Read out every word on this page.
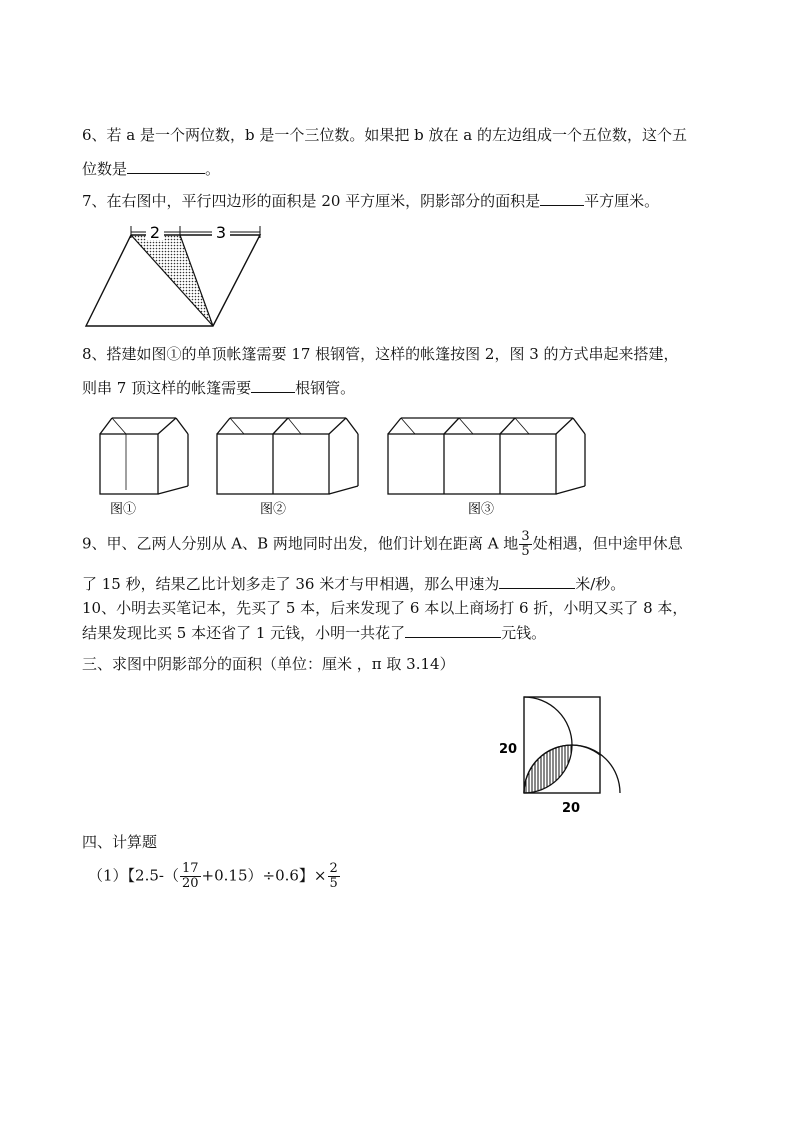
6、若 a 是一个两位数，b 是一个三位数。如果把 b 放在 a 的左边组成一个五位数，这个五
位数是	。
7、在右图中，平行四边形的面积是 20 平方厘米，阴影部分的面积是	平方厘米。
2	3
8、搭建如图①的单顶帐篷需要 17 根钢管，这样的帐篷按图 2，图 3 的方式串起来搭建，
则串 7 顶这样的帐篷需要	根钢管。
图①	图②	图③
9、甲、乙两人分别从 A、B 两地同时出发，他们计划在距离 A 地 $\frac{3}{5}$ 处相遇，但中途甲休息
了 15 秒，结果乙比计划多走了 36 米才与甲相遇，那么甲速为	米/秒。
10、小明去买笔记本，先买了 5 本，后来发现了 6 本以上商场打 6 折，小明又买了 8 本，
结果发现比买 5 本还省了 1 元钱，小明一共花了	元钱。
三、求图中阴影部分的面积（单位：厘米 ，π 取 3.14）
20
20
四、计算题
（1）【$2.5-( \frac{17}{20} +0.15)\div 0.6$】× $\frac{2}{5}$
